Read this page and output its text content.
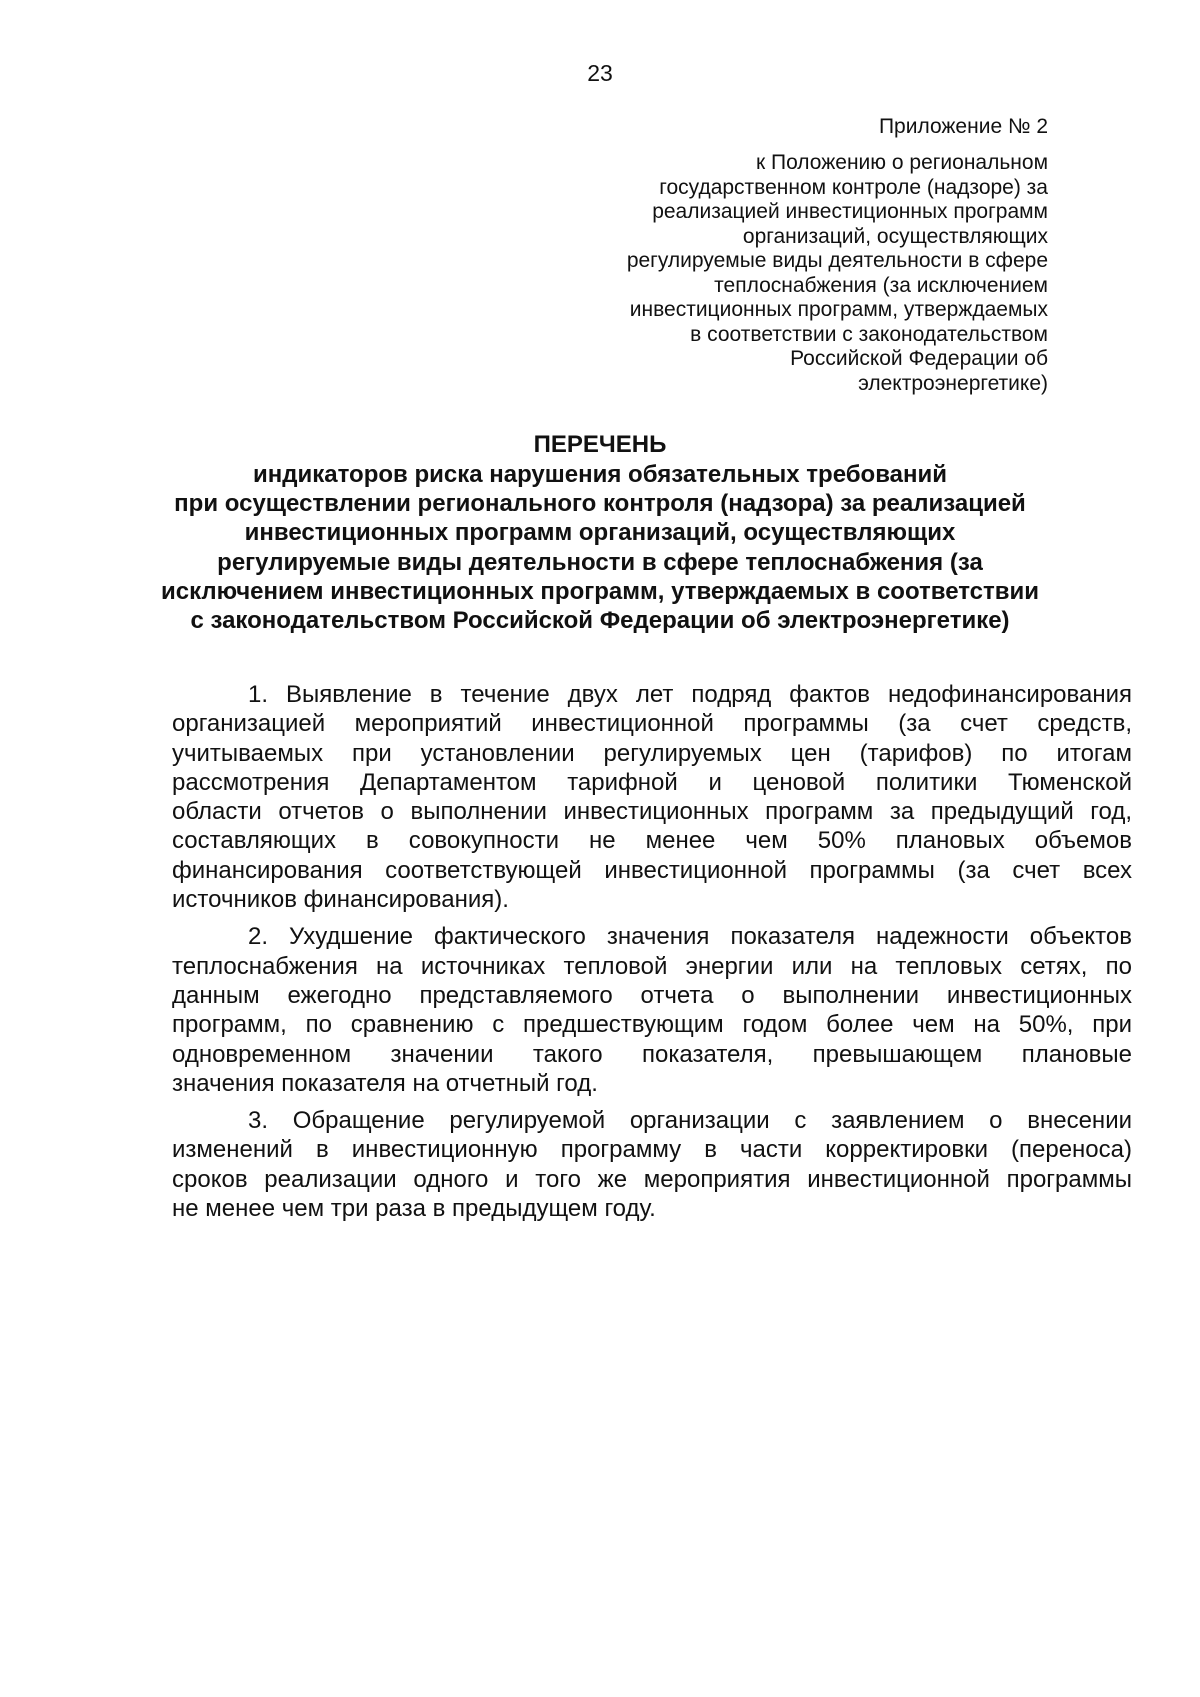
23
Приложение № 2
к Положению о региональном
государственном контроле (надзоре) за
реализацией инвестиционных программ
организаций, осуществляющих
регулируемые виды деятельности в сфере
теплоснабжения (за исключением
инвестиционных программ, утверждаемых
в соответствии с законодательством
Российской Федерации об
электроэнергетике)
ПЕРЕЧЕНЬ
индикаторов риска нарушения обязательных требований
при осуществлении регионального контроля (надзора) за реализацией
инвестиционных программ организаций, осуществляющих
регулируемые виды деятельности в сфере теплоснабжения (за
исключением инвестиционных программ, утверждаемых в соответствии
с законодательством Российской Федерации об электроэнергетике)
1. Выявление в течение двух лет подряд фактов недофинансирования
организацией мероприятий инвестиционной программы (за счет средств,
учитываемых при установлении регулируемых цен (тарифов) по итогам
рассмотрения Департаментом тарифной и ценовой политики Тюменской
области отчетов о выполнении инвестиционных программ за предыдущий год,
составляющих в совокупности не менее чем 50% плановых объемов
финансирования соответствующей инвестиционной программы (за счет всех
источников финансирования).
2. Ухудшение фактического значения показателя надежности объектов
теплоснабжения на источниках тепловой энергии или на тепловых сетях, по
данным ежегодно представляемого отчета о выполнении инвестиционных
программ, по сравнению с предшествующим годом более чем на 50%, при
одновременном значении такого показателя, превышающем плановые
значения показателя на отчетный год.
3. Обращение регулируемой организации с заявлением о внесении
изменений в инвестиционную программу в части корректировки (переноса)
сроков реализации одного и того же мероприятия инвестиционной программы
не менее чем три раза в предыдущем году.
